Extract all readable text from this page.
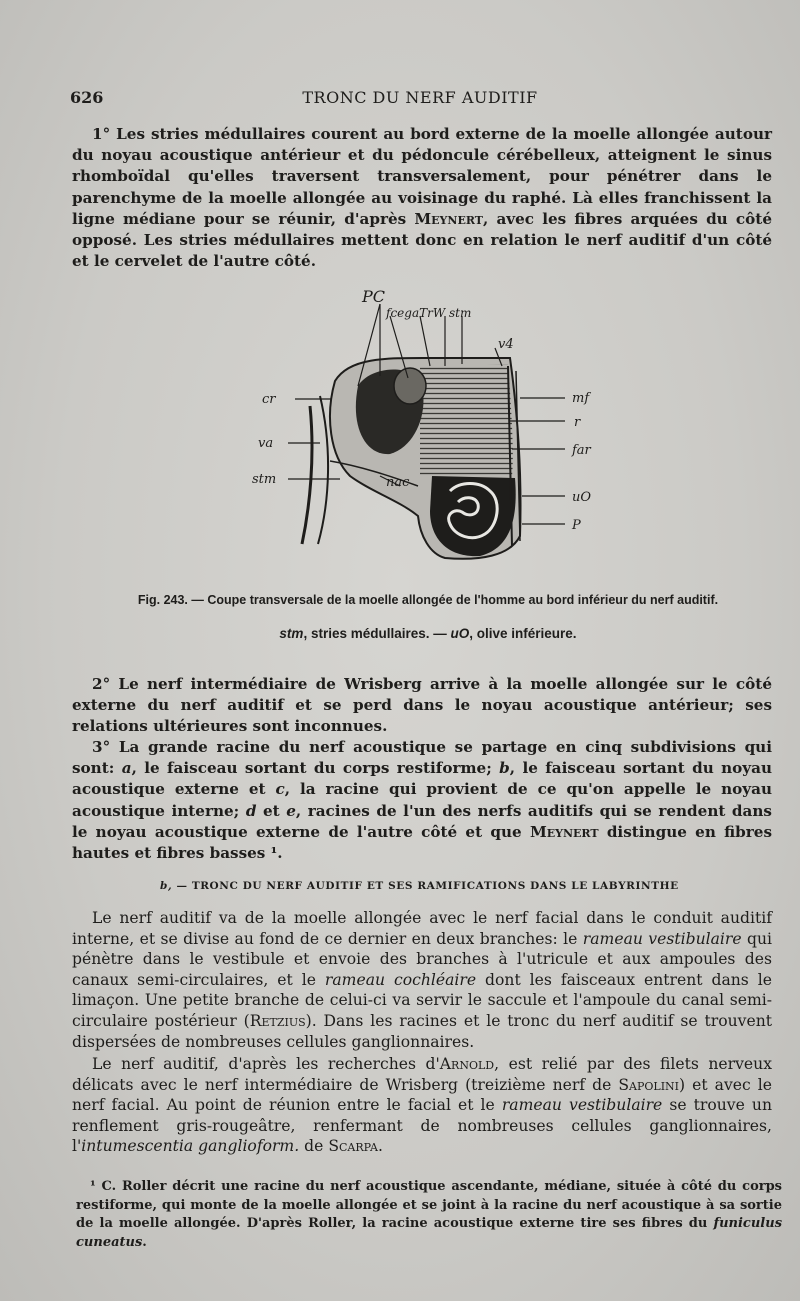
626	TRONC DU NERF AUDITIF
1° Les stries médullaires courent au bord externe de la moelle allongée autour du noyau acoustique antérieur et du pédoncule cérébelleux, atteignent le sinus rhomboïdal qu'elles traversent transversalement, pour pénétrer dans le parenchyme de la moelle allongée au voisinage du raphé. Là elles franchissent la ligne médiane pour se réunir, d'après Meynert, avec les fibres arquées du côté opposé. Les stries médullaires mettent donc en relation le nerf auditif d'un côté et le cervelet de l'autre côté.
PC
fcegaTrW stm
v4
cr
va
stm	nac
mf
r
far
uO
P
Fig. 243. — Coupe transversale de la moelle allongée de l'homme au bord inférieur du nerf auditif.
stm, stries médullaires. — uO, olive inférieure.
2° Le nerf intermédiaire de Wrisberg arrive à la moelle allongée sur le côté externe du nerf auditif et se perd dans le noyau acoustique antérieur; ses relations ultérieures sont inconnues.
3° La grande racine du nerf acoustique se partage en cinq subdivisions qui sont: a, le faisceau sortant du corps restiforme; b, le faisceau sortant du noyau acoustique externe et c, la racine qui provient de ce qu'on appelle le noyau acoustique interne; d et e, racines de l'un des nerfs auditifs qui se rendent dans le noyau acoustique externe de l'autre côté et que Meynert distingue en fibres hautes et fibres basses ¹.
b, — TRONC DU NERF AUDITIF ET SES RAMIFICATIONS DANS LE LABYRINTHE
Le nerf auditif va de la moelle allongée avec le nerf facial dans le conduit auditif interne, et se divise au fond de ce dernier en deux branches: le rameau vestibulaire qui pénètre dans le vestibule et envoie des branches à l'utricule et aux ampoules des canaux semi-circulaires, et le rameau cochléaire dont les faisceaux entrent dans le limaçon. Une petite branche de celui-ci va servir le saccule et l'ampoule du canal semi-circulaire postérieur (Retzius). Dans les racines et le tronc du nerf auditif se trouvent dispersées de nombreuses cellules ganglionnaires.
Le nerf auditif, d'après les recherches d'Arnold, est relié par des filets nerveux délicats avec le nerf intermédiaire de Wrisberg (treizième nerf de Sapolini) et avec le nerf facial. Au point de réunion entre le facial et le rameau vestibulaire se trouve un renflement gris-rougeâtre, renfermant de nombreuses cellules ganglionnaires, l'intumescentia ganglioform. de Scarpa.
¹ C. Roller décrit une racine du nerf acoustique ascendante, médiane, située à côté du corps restiforme, qui monte de la moelle allongée et se joint à la racine du nerf acoustique à sa sortie de la moelle allongée. D'après Roller, la racine acoustique externe tire ses fibres du funiculus cuneatus.
